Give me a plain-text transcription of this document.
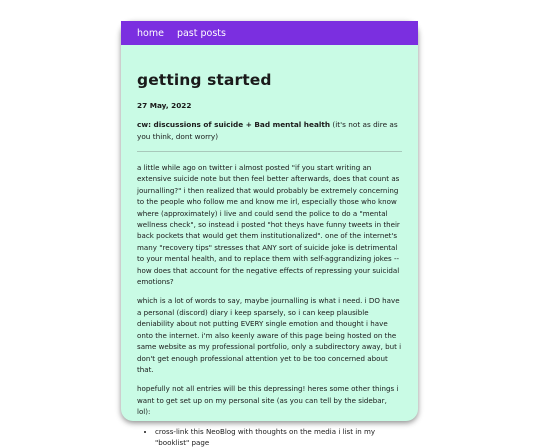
home past posts
getting started
27 May, 2022
cw: discussions of suicide + Bad mental health (it's not as dire as you think, dont worry)

a little while ago on twitter i almost posted "if you start writing an extensive suicide note but then feel better afterwards, does that count as journalling?" i then realized that would probably be extremely concerning to the people who follow me and know me irl, especially those who know where (approximately) i live and could send the police to do a "mental wellness check", so instead i posted "hot theys have funny tweets in their back pockets that would get them institutionalized". one of the internet's many "recovery tips" stresses that ANY sort of suicide joke is detrimental to your mental health, and to replace them with self-aggrandizing jokes -- how does that account for the negative effects of repressing your suicidal emotions?

which is a lot of words to say, maybe journalling is what i need. i DO have a personal (discord) diary i keep sparsely, so i can keep plausible deniability about not putting EVERY single emotion and thought i have onto the internet. i'm also keenly aware of this page being hosted on the same website as my professional portfolio, only a subdirectory away, but i don't get enough professional attention yet to be too concerned about that.

hopefully not all entries will be this depressing! heres some other things i want to get set up on my personal site (as you can tell by the sidebar, lol):

• cross-link this NeoBlog with thoughts on the media i list in my "booklist" page
